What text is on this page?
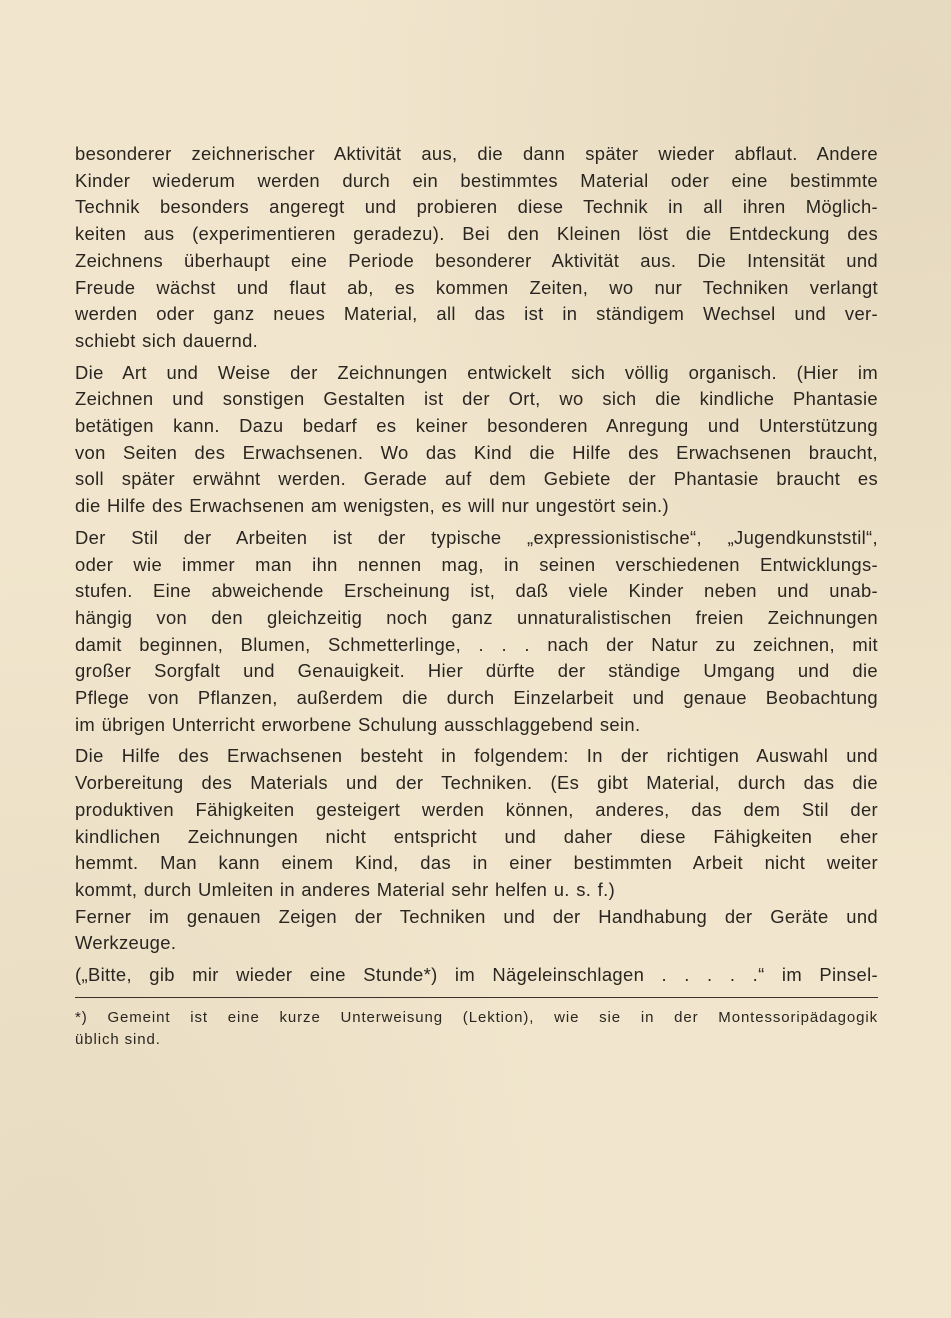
besonderer zeichnerischer Aktivität aus, die dann später wieder abflaut. Andere
Kinder wiederum werden durch ein bestimmtes Material oder eine bestimmte
Technik besonders angeregt und probieren diese Technik in all ihren Möglich-
keiten aus (experimentieren geradezu). Bei den Kleinen löst die Entdeckung des
Zeichnens überhaupt eine Periode besonderer Aktivität aus. Die Intensität und
Freude wächst und flaut ab, es kommen Zeiten, wo nur Techniken verlangt
werden oder ganz neues Material, all das ist in ständigem Wechsel und ver-
schiebt sich dauernd.

Die Art und Weise der Zeichnungen entwickelt sich völlig organisch. (Hier im
Zeichnen und sonstigen Gestalten ist der Ort, wo sich die kindliche Phantasie
betätigen kann. Dazu bedarf es keiner besonderen Anregung und Unterstützung
von Seiten des Erwachsenen. Wo das Kind die Hilfe des Erwachsenen braucht,
soll später erwähnt werden. Gerade auf dem Gebiete der Phantasie braucht es
die Hilfe des Erwachsenen am wenigsten, es will nur ungestört sein.)

Der Stil der Arbeiten ist der typische „expressionistische“, „Jugendkunststil“,
oder wie immer man ihn nennen mag, in seinen verschiedenen Entwicklungs-
stufen. Eine abweichende Erscheinung ist, daß viele Kinder neben und unab-
hängig von den gleichzeitig noch ganz unnaturalistischen freien Zeichnungen
damit beginnen, Blumen, Schmetterlinge, . . . nach der Natur zu zeichnen, mit
großer Sorgfalt und Genauigkeit. Hier dürfte der ständige Umgang und die
Pflege von Pflanzen, außerdem die durch Einzelarbeit und genaue Beobachtung
im übrigen Unterricht erworbene Schulung ausschlaggebend sein.

Die Hilfe des Erwachsenen besteht in folgendem: In der richtigen Auswahl und
Vorbereitung des Materials und der Techniken. (Es gibt Material, durch das die
produktiven Fähigkeiten gesteigert werden können, anderes, das dem Stil der
kindlichen Zeichnungen nicht entspricht und daher diese Fähigkeiten eher
hemmt. Man kann einem Kind, das in einer bestimmten Arbeit nicht weiter
kommt, durch Umleiten in anderes Material sehr helfen u. s. f.)

Ferner im genauen Zeigen der Techniken und der Handhabung der Geräte und
Werkzeuge.

(„Bitte, gib mir wieder eine Stunde*) im Nägeleinschlagen . . . . .“ im Pinsel-

*) Gemeint ist eine kurze Unterweisung (Lektion), wie sie in der Montessoripädagogik
üblich sind.
